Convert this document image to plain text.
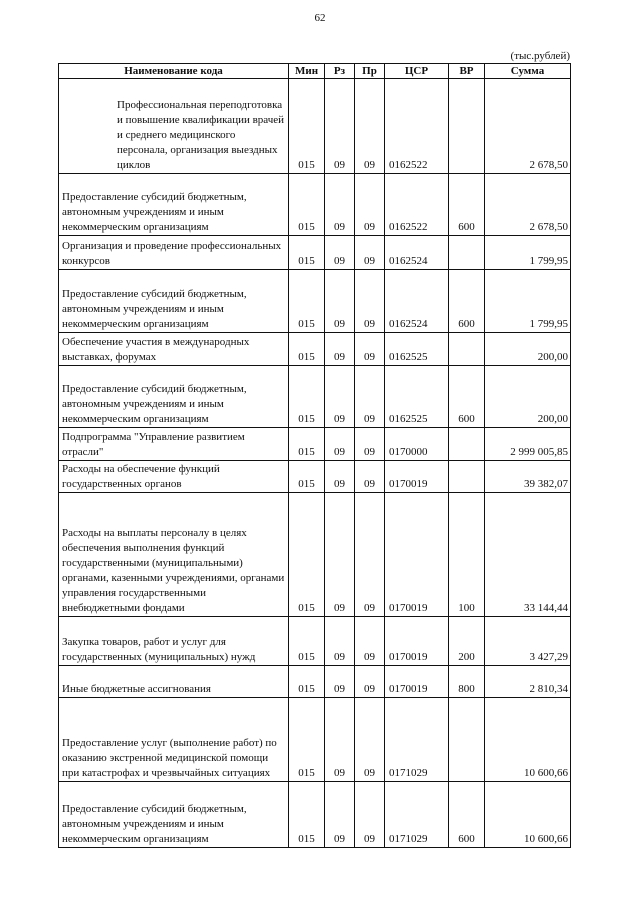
62
(тыс.рублей)
Наименование кода	Мин	Рз	Пр	ЦСР	ВР	Сумма

Профессиональная переподготовка и повышение квалификации врачей и среднего медицинского персонала, организация выездных циклов	015	09	09	0162522		2 678,50

Предоставление субсидий бюджетным, автономным учреждениям и иным некоммерческим организациям	015	09	09	0162522	600	2 678,50

Организация и проведение профессиональных конкурсов	015	09	09	0162524		1 799,95

Предоставление субсидий бюджетным, автономным учреждениям и иным некоммерческим организациям	015	09	09	0162524	600	1 799,95

Обеспечение участия в международных выставках, форумах	015	09	09	0162525		200,00

Предоставление субсидий бюджетным, автономным учреждениям и иным некоммерческим организациям	015	09	09	0162525	600	200,00

Подпрограмма "Управление развитием отрасли"	015	09	09	0170000		2 999 005,85

Расходы на обеспечение функций государственных органов	015	09	09	0170019		39 382,07

Расходы на выплаты персоналу в целях обеспечения выполнения функций государственными (муниципальными) органами, казенными учреждениями, органами управления государственными внебюджетными фондами	015	09	09	0170019	100	33 144,44

Закупка товаров, работ и услуг для государственных (муниципальных) нужд	015	09	09	0170019	200	3 427,29

Иные бюджетные ассигнования	015	09	09	0170019	800	2 810,34

Предоставление услуг (выполнение работ) по оказанию экстренной медицинской помощи при катастрофах и чрезвычайных ситуациях	015	09	09	0171029		10 600,66

Предоставление субсидий бюджетным, автономным учреждениям и иным некоммерческим организациям	015	09	09	0171029	600	10 600,66
